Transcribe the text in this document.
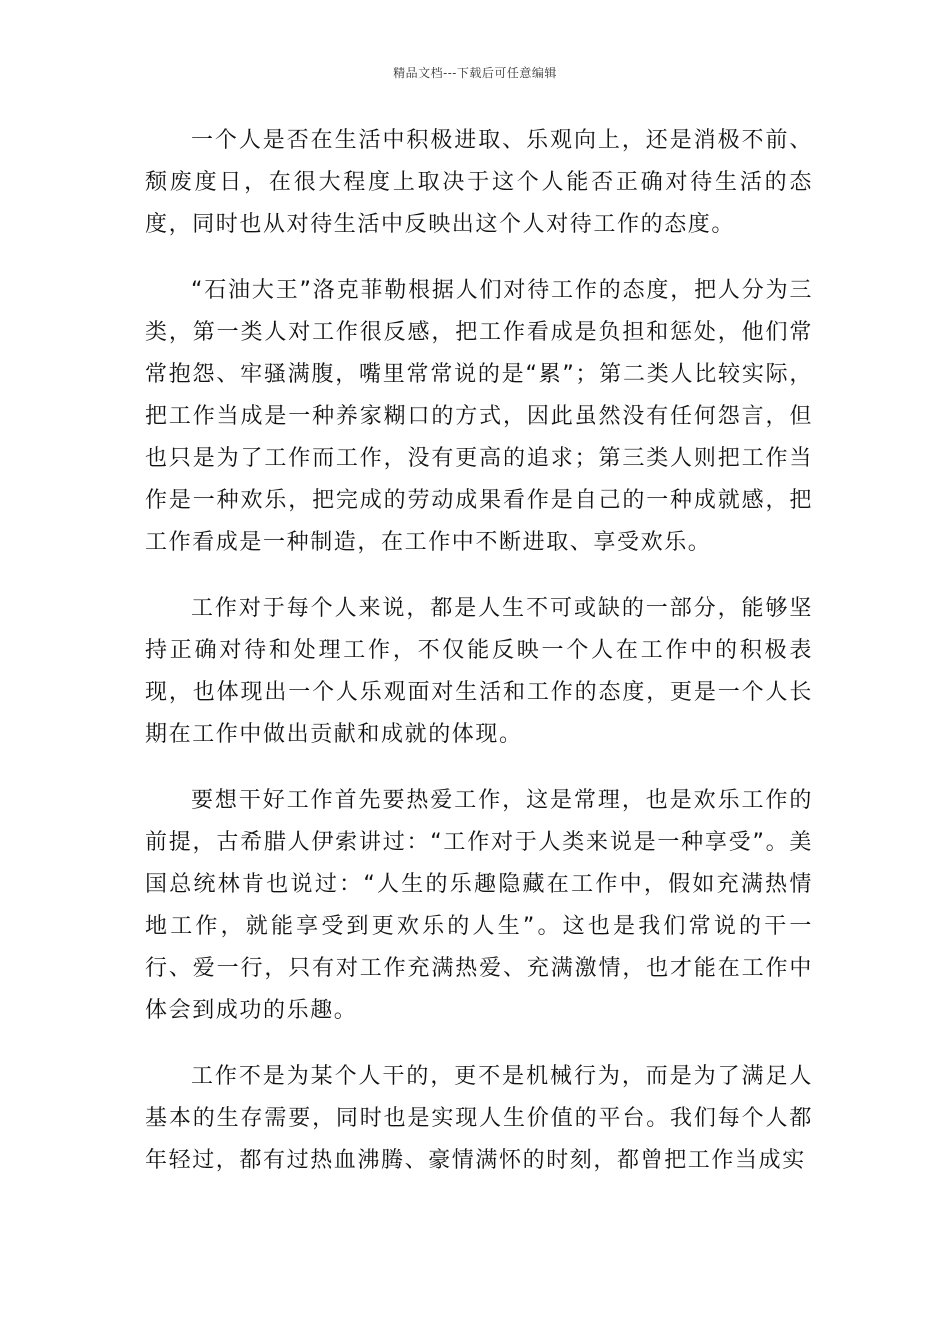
精品文档---下载后可任意编辑

一个人是否在生活中积极进取、乐观向上，还是消极不前、颓废度日，在很大程度上取决于这个人能否正确对待生活的态度，同时也从对待生活中反映出这个人对待工作的态度。

“石油大王”洛克菲勒根据人们对待工作的态度，把人分为三类，第一类人对工作很反感，把工作看成是负担和惩处，他们常常抱怨、牢骚满腹，嘴里常常说的是“累”；第二类人比较实际，把工作当成是一种养家糊口的方式，因此虽然没有任何怨言，但也只是为了工作而工作，没有更高的追求；第三类人则把工作当作是一种欢乐，把完成的劳动成果看作是自己的一种成就感，把工作看成是一种制造，在工作中不断进取、享受欢乐。

工作对于每个人来说，都是人生不可或缺的一部分，能够坚持正确对待和处理工作，不仅能反映一个人在工作中的积极表现，也体现出一个人乐观面对生活和工作的态度，更是一个人长期在工作中做出贡献和成就的体现。

要想干好工作首先要热爱工作，这是常理，也是欢乐工作的前提，古希腊人伊索讲过：“工作对于人类来说是一种享受”。美国总统林肯也说过：“人生的乐趣隐藏在工作中，假如充满热情地工作，就能享受到更欢乐的人生”。这也是我们常说的干一行、爱一行，只有对工作充满热爱、充满激情，也才能在工作中体会到成功的乐趣。

工作不是为某个人干的，更不是机械行为，而是为了满足人基本的生存需要，同时也是实现人生价值的平台。我们每个人都年轻过，都有过热血沸腾、豪情满怀的时刻，都曾把工作当成实
